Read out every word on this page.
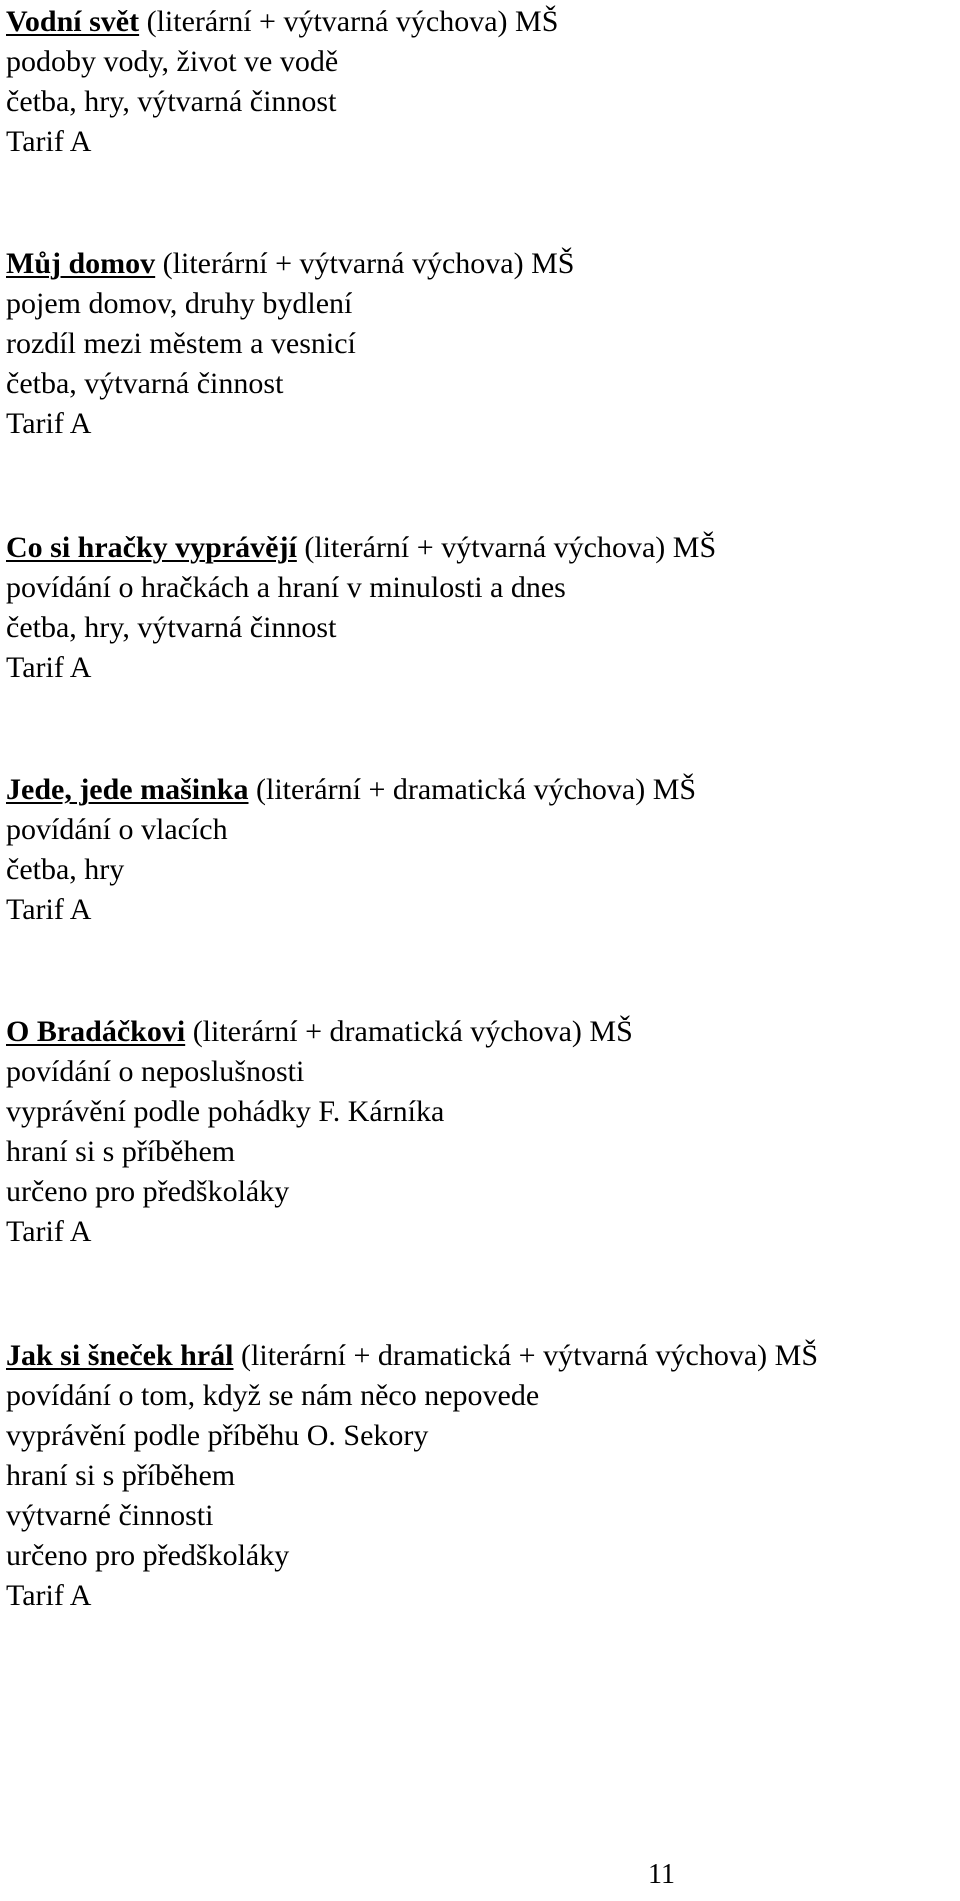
Vodní svět (literární + výtvarná výchova) MŠ
podoby vody, život ve vodě
četba, hry, výtvarná činnost
Tarif A
Můj domov (literární + výtvarná výchova) MŠ
pojem domov, druhy bydlení
rozdíl mezi městem a vesnicí
četba, výtvarná činnost
Tarif A
Co si hračky vyprávějí (literární + výtvarná výchova) MŠ
povídání o hračkách a hraní v minulosti a dnes
četba, hry, výtvarná činnost
Tarif A
Jede, jede mašinka (literární + dramatická výchova) MŠ
povídání o vlacích
četba, hry
Tarif A
O Bradáčkovi (literární + dramatická výchova) MŠ
povídání o neposlušnosti
vyprávění podle pohádky F. Kárníka
hraní si s příběhem
určeno pro předškoláky
Tarif A
Jak si šneček hrál (literární + dramatická + výtvarná výchova) MŠ
povídání o tom, když se nám něco nepovede
vyprávění podle příběhu O. Sekory
hraní si s příběhem
výtvarné činnosti
určeno pro předškoláky
Tarif A
11
